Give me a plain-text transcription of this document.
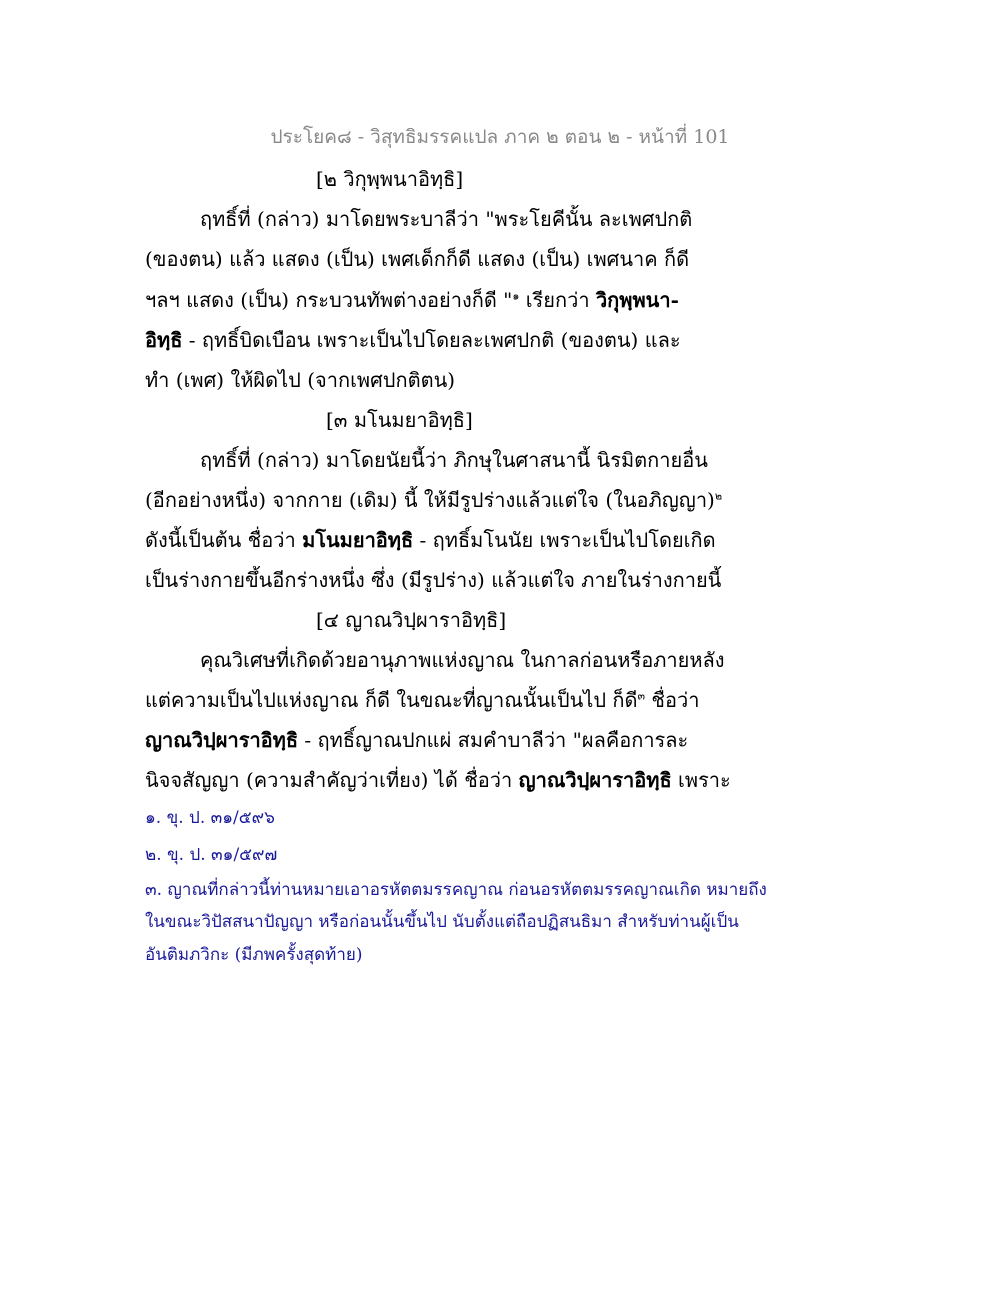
ประโยค๘ - วิสุทธิมรรคแปล ภาค ๒ ตอน ๒ - หน้าที่ 101
[๒ วิกุพฺพนาอิทฺธิ]
ฤทธิ์ที่ (กล่าว) มาโดยพระบาลีว่า "พระโยคีนั้น ละเพศปกติ
(ของตน) แล้ว แสดง (เป็น) เพศเด็กก็ดี แสดง (เป็น) เพศนาค ก็ดี
ฯลฯ แสดง (เป็น) กระบวนทัพต่างอย่างก็ดี "$^๑$ เรียกว่า วิกุพฺพนา-
อิทฺธิ - ฤทธิ์บิดเบือน เพราะเป็นไปโดยละเพศปกติ (ของตน) และ
ทำ (เพศ) ให้ผิดไป (จากเพศปกติตน)
[๓ มโนมยาอิทฺธิ]
ฤทธิ์ที่ (กล่าว) มาโดยนัยนี้ว่า ภิกษุในศาสนานี้ นิรมิตกายอื่น
(อีกอย่างหนึ่ง) จากกาย (เดิม) นี้ ให้มีรูปร่างแล้วแต่ใจ (ในอภิญญา)$^๒$
ดังนี้เป็นต้น ชื่อว่า มโนมยาอิทฺธิ - ฤทธิ์มโนนัย เพราะเป็นไปโดยเกิด
เป็นร่างกายขึ้นอีกร่างหนึ่ง ซึ่ง (มีรูปร่าง) แล้วแต่ใจ ภายในร่างกายนี้
[๔ ญาณวิปฺผาราอิทฺธิ]
คุณวิเศษที่เกิดด้วยอานุภาพแห่งญาณ ในกาลก่อนหรือภายหลัง
แต่ความเป็นไปแห่งญาณ ก็ดี ในขณะที่ญาณนั้นเป็นไป ก็ดี$^๓$ ชื่อว่า
ญาณวิปฺผาราอิทฺธิ - ฤทธิ์ญาณปกแผ่ สมคำบาลีว่า "ผลคือการละ
นิจจสัญญา (ความสำคัญว่าเที่ยง) ได้ ชื่อว่า ญาณวิปฺผาราอิทฺธิ เพราะ
๑. ขุ. ป. ๓๑/๕๙๖
๒. ขุ. ป. ๓๑/๕๙๗
๓. ญาณที่กล่าวนี้ท่านหมายเอาอรหัตตมรรคญาณ ก่อนอรหัตตมรรคญาณเกิด หมายถึง
ในขณะวิปัสสนาปัญญา หรือก่อนนั้นขึ้นไป นับตั้งแต่ถือปฏิสนธิมา สำหรับท่านผู้เป็น
อันติมภวิกะ (มีภพครั้งสุดท้าย)
